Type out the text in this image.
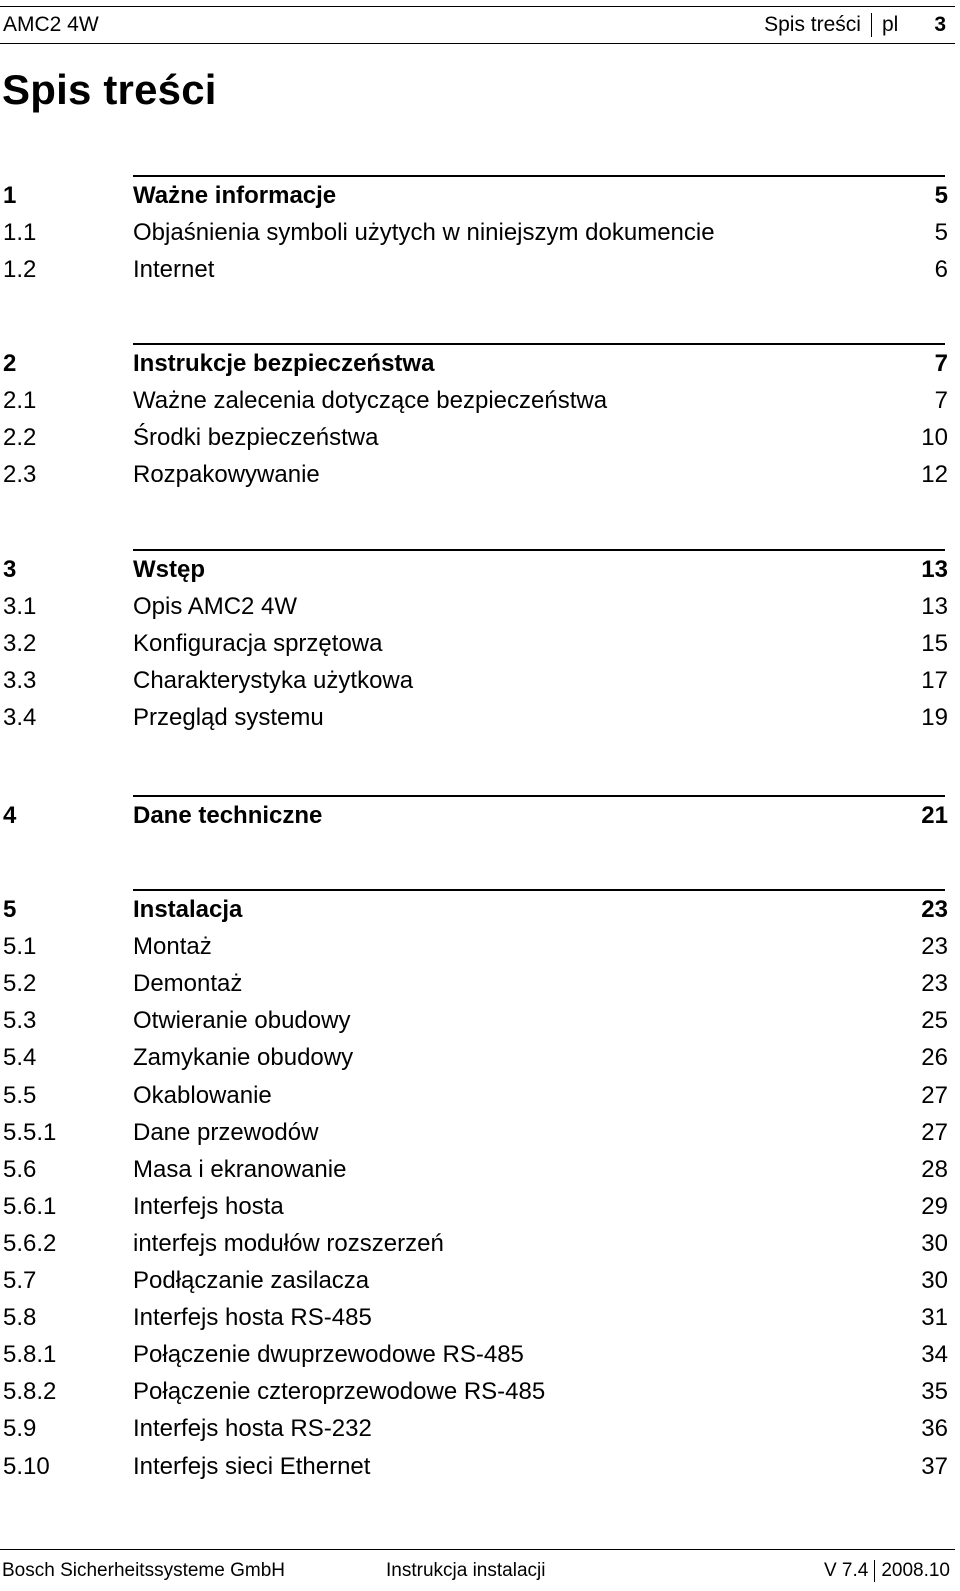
AMC2 4W	Spis treści pl 3
Spis treści
1	Ważne informacje	5
1.1	Objaśnienia symboli użytych w niniejszym dokumencie	5
1.2	Internet	6
2	Instrukcje bezpieczeństwa	7
2.1	Ważne zalecenia dotyczące bezpieczeństwa	7
2.2	Środki bezpieczeństwa	10
2.3	Rozpakowywanie	12
3	Wstęp	13
3.1	Opis AMC2 4W	13
3.2	Konfiguracja sprzętowa	15
3.3	Charakterystyka użytkowa	17
3.4	Przegląd systemu	19
4	Dane techniczne	21
5	Instalacja	23
5.1	Montaż	23
5.2	Demontaż	23
5.3	Otwieranie obudowy	25
5.4	Zamykanie obudowy	26
5.5	Okablowanie	27
5.5.1	Dane przewodów	27
5.6	Masa i ekranowanie	28
5.6.1	Interfejs hosta	29
5.6.2	interfejs modułów rozszerzeń	30
5.7	Podłączanie zasilacza	30
5.8	Interfejs hosta RS-485	31
5.8.1	Połączenie dwuprzewodowe RS-485	34
5.8.2	Połączenie czteroprzewodowe RS-485	35
5.9	Interfejs hosta RS-232	36
5.10	Interfejs sieci Ethernet	37
Bosch Sicherheitssysteme GmbH	Instrukcja instalacji	V 7.4 2008.10
